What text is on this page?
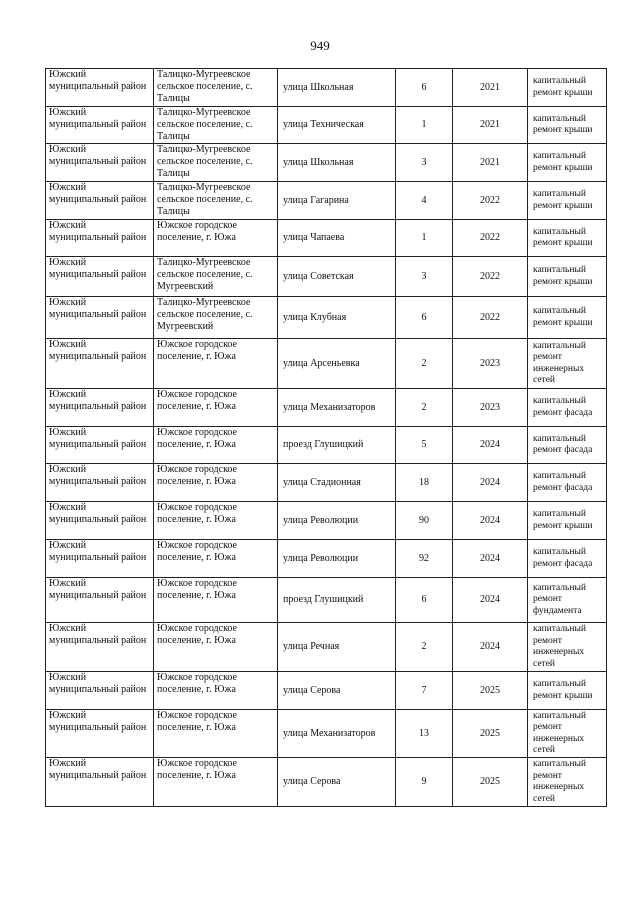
949
Южский муниципальный район	Талицко-Мугреевское сельское поселение, с. Талицы	улица Школьная	6	2021	капитальный ремонт крыши
Южский муниципальный район	Талицко-Мугреевское сельское поселение, с. Талицы	улица Техническая	1	2021	капитальный ремонт крыши
Южский муниципальный район	Талицко-Мугреевское сельское поселение, с. Талицы	улица Школьная	3	2021	капитальный ремонт крыши
Южский муниципальный район	Талицко-Мугреевское сельское поселение, с. Талицы	улица Гагарина	4	2022	капитальный ремонт крыши
Южский муниципальный район	Южское городское поселение, г. Южа	улица Чапаева	1	2022	капитальный ремонт крыши
Южский муниципальный район	Талицко-Мугреевское сельское поселение, с. Мугреевский	улица Советская	3	2022	капитальный ремонт крыши
Южский муниципальный район	Талицко-Мугреевское сельское поселение, с. Мугреевский	улица Клубная	6	2022	капитальный ремонт крыши
Южский муниципальный район	Южское городское поселение, г. Южа	улица Арсеньевка	2	2023	капитальный ремонт инженерных сетей
Южский муниципальный район	Южское городское поселение, г. Южа	улица Механизаторов	2	2023	капитальный ремонт фасада
Южский муниципальный район	Южское городское поселение, г. Южа	проезд Глушицкий	5	2024	капитальный ремонт фасада
Южский муниципальный район	Южское городское поселение, г. Южа	улица Стадионная	18	2024	капитальный ремонт фасада
Южский муниципальный район	Южское городское поселение, г. Южа	улица Революции	90	2024	капитальный ремонт крыши
Южский муниципальный район	Южское городское поселение, г. Южа	улица Революции	92	2024	капитальный ремонт фасада
Южский муниципальный район	Южское городское поселение, г. Южа	проезд Глушицкий	6	2024	капитальный ремонт фундамента
Южский муниципальный район	Южское городское поселение, г. Южа	улица Речная	2	2024	капитальный ремонт инженерных сетей
Южский муниципальный район	Южское городское поселение, г. Южа	улица Серова	7	2025	капитальный ремонт крыши
Южский муниципальный район	Южское городское поселение, г. Южа	улица Механизаторов	13	2025	капитальный ремонт инженерных сетей
Южский муниципальный район	Южское городское поселение, г. Южа	улица Серова	9	2025	капитальный ремонт инженерных сетей
